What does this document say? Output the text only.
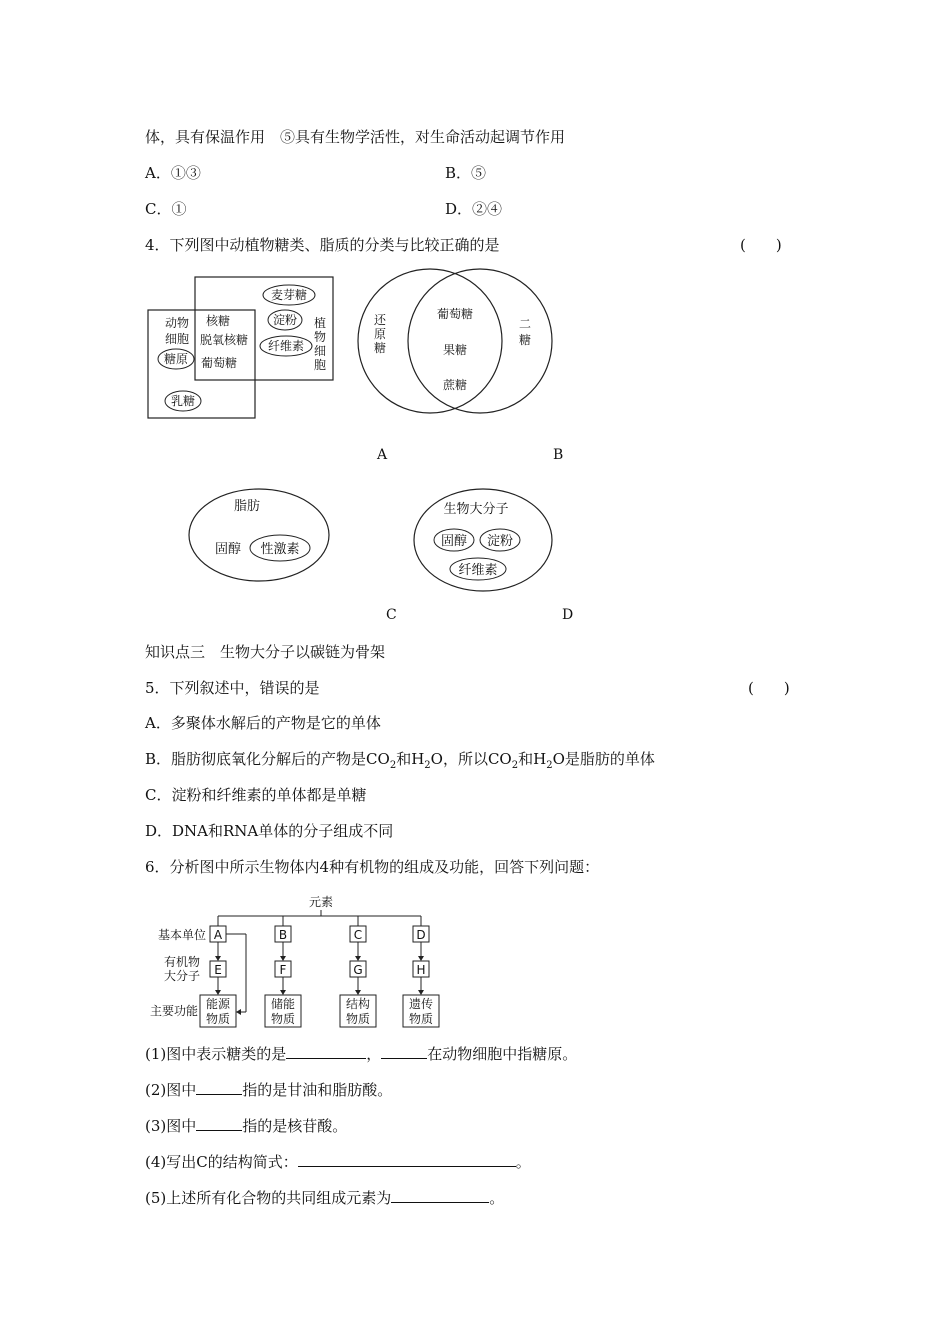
体，具有保温作用　⑤具有生物学活性，对生命活动起调节作用
A．①③	B．⑤
C．①	D．②④
4．下列图中动植物糖类、脂质的分类与比较正确的是	(　　)
动物
细胞
糖原
乳糖
核糖
脱氧核糖
葡萄糖
麦芽糖
淀粉
纤维素
植
物
细
胞
还
原
糖
二
糖
葡萄糖
果糖
蔗糖
脂肪
固醇 性激素
生物大分子
固醇 淀粉
纤维素
元素
基本单位
有机物
大分子
主要功能
A
E
能源
物质
B
F
储能
物质
C
G
结构
物质
D
H
遗传
物质
A	B
C	D
知识点三　生物大分子以碳链为骨架
5．下列叙述中，错误的是	(　　)
A．多聚体水解后的产物是它的单体
B．脂肪彻底氧化分解后的产物是$CO_2$和$H_2O$，所以$CO_2$和$H_2O$是脂肪的单体
C．淀粉和纤维素的单体都是单糖
D．DNA和RNA单体的分子组成不同
6．分析图中所示生物体内4种有机物的组成及功能，回答下列问题：
(1)图中表示糖类的是	，	在动物细胞中指糖原。
(2)图中	指的是甘油和脂肪酸。
(3)图中	指的是核苷酸。
(4)写出C的结构简式：	。
(5)上述所有化合物的共同组成元素为	。
